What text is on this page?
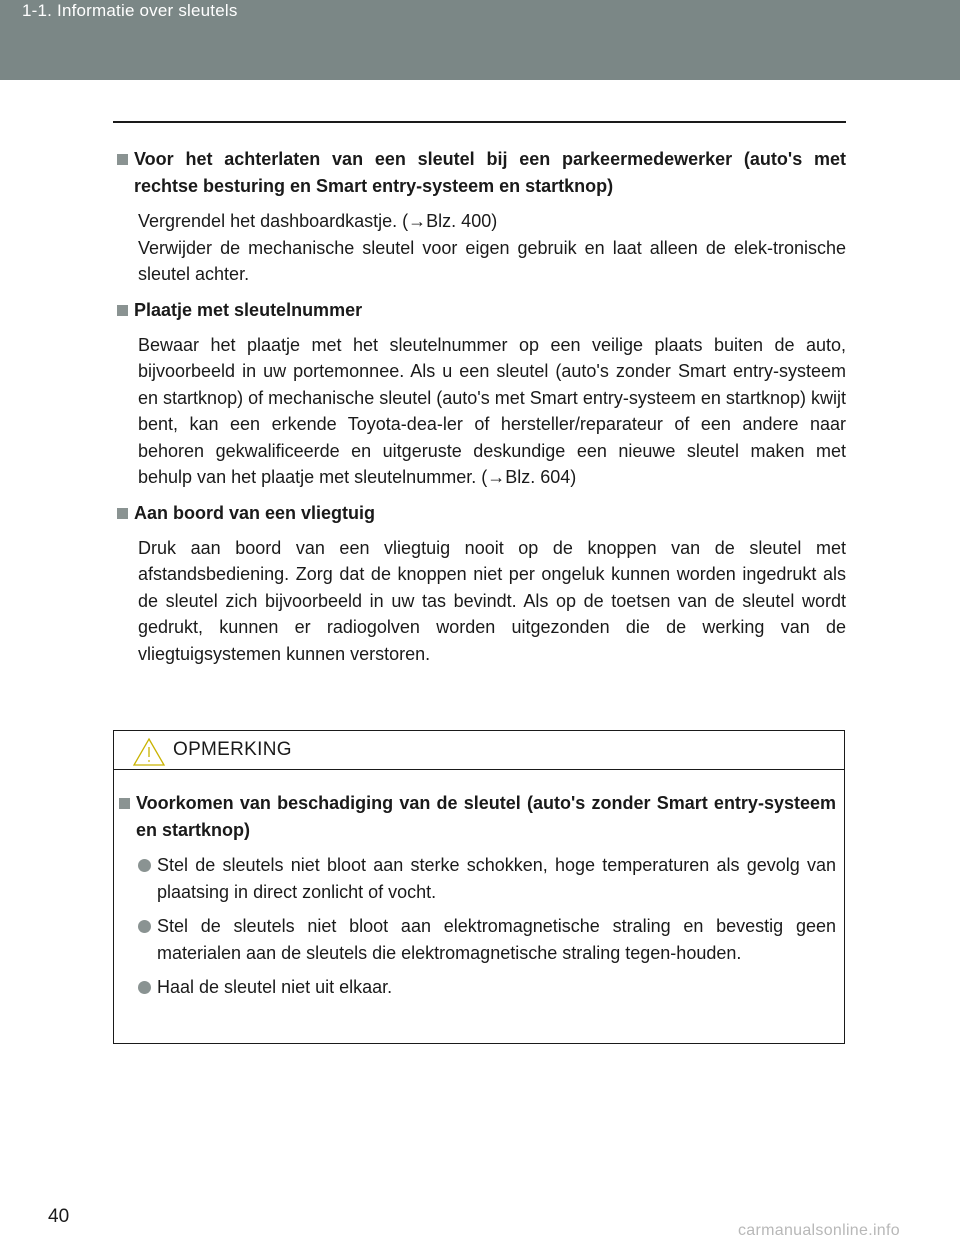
1-1. Informatie over sleutels
Voor het achterlaten van een sleutel bij een parkeermedewerker (auto's met rechtse besturing en Smart entry-systeem en startknop)
Vergrendel het dashboardkastje. (→Blz. 400)
Verwijder de mechanische sleutel voor eigen gebruik en laat alleen de elek-tronische sleutel achter.
Plaatje met sleutelnummer
Bewaar het plaatje met het sleutelnummer op een veilige plaats buiten de auto, bijvoorbeeld in uw portemonnee. Als u een sleutel (auto's zonder Smart entry-systeem en startknop) of mechanische sleutel (auto's met Smart entry-systeem en startknop) kwijt bent, kan een erkende Toyota-dea-ler of hersteller/reparateur of een andere naar behoren gekwalificeerde en uitgeruste deskundige een nieuwe sleutel maken met behulp van het plaatje met sleutelnummer. (→Blz. 604)
Aan boord van een vliegtuig
Druk aan boord van een vliegtuig nooit op de knoppen van de sleutel met afstandsbediening. Zorg dat de knoppen niet per ongeluk kunnen worden ingedrukt als de sleutel zich bijvoorbeeld in uw tas bevindt. Als op de toetsen van de sleutel wordt gedrukt, kunnen er radiogolven worden uitgezonden die de werking van de vliegtuigsystemen kunnen verstoren.
OPMERKING
Voorkomen van beschadiging van de sleutel (auto's zonder Smart entry-systeem en startknop)
Stel de sleutels niet bloot aan sterke schokken, hoge temperaturen als gevolg van plaatsing in direct zonlicht of vocht.
Stel de sleutels niet bloot aan elektromagnetische straling en bevestig geen materialen aan de sleutels die elektromagnetische straling tegen-houden.
Haal de sleutel niet uit elkaar.
40
carmanualsonline.info
